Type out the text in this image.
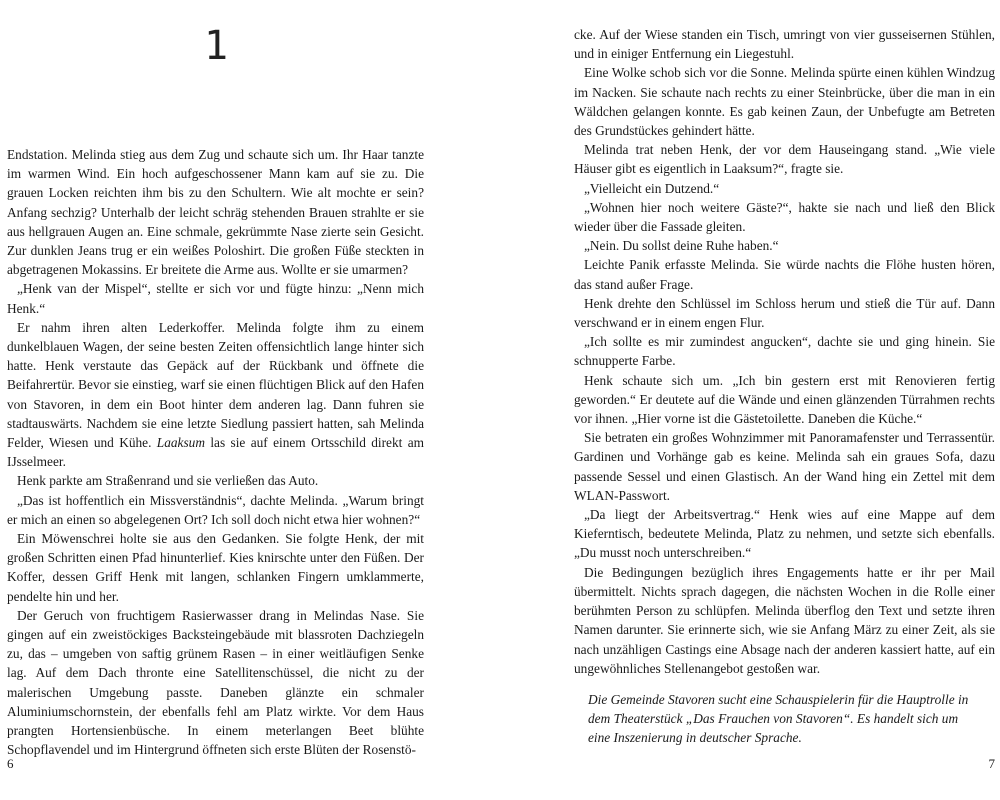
1

Endstation. Melinda stieg aus dem Zug und schaute sich um. Ihr Haar tanzte im warmen Wind. Ein hoch aufgeschossener Mann kam auf sie zu. Die grauen Locken reichten ihm bis zu den Schultern. Wie alt mochte er sein? Anfang sechzig? Unterhalb der leicht schräg stehenden Brauen strahlte er sie aus hellgrauen Augen an. Eine schmale, gekrümmte Nase zierte sein Gesicht. Zur dunklen Jeans trug er ein weißes Poloshirt. Die großen Füße steckten in abgetragenen Mokassins. Er breitete die Arme aus. Wollte er sie umarmen?

„Henk van der Mispel“, stellte er sich vor und fügte hinzu: „Nenn mich Henk.“

Er nahm ihren alten Lederkoffer. Melinda folgte ihm zu einem dunkelblauen Wagen, der seine besten Zeiten offensichtlich lange hinter sich hatte. Henk verstaute das Gepäck auf der Rückbank und öffnete die Beifahrertür. Bevor sie einstieg, warf sie einen flüchtigen Blick auf den Hafen von Stavoren, in dem ein Boot hinter dem anderen lag. Dann fuhren sie stadtauswärts. Nachdem sie eine letzte Siedlung passiert hatten, sah Melinda Felder, Wiesen und Kühe. Laaksum las sie auf einem Ortsschild direkt am IJsselmeer.

Henk parkte am Straßenrand und sie verließen das Auto.

„Das ist hoffentlich ein Missverständnis“, dachte Melinda. „Warum bringt er mich an einen so abgelegenen Ort? Ich soll doch nicht etwa hier wohnen?“

Ein Möwenschrei holte sie aus den Gedanken. Sie folgte Henk, der mit großen Schritten einen Pfad hinunterlief. Kies knirschte unter den Füßen. Der Koffer, dessen Griff Henk mit langen, schlanken Fingern umklammerte, pendelte hin und her.

Der Geruch von fruchtigem Rasierwasser drang in Melindas Nase. Sie gingen auf ein zweistöckiges Backsteingebäude mit blassroten Dachziegeln zu, das – umgeben von saftig grünem Rasen – in einer weitläufigen Senke lag. Auf dem Dach thronte eine Satellitenschüssel, die nicht zu der malerischen Umgebung passte. Daneben glänzte ein schmaler Aluminiumschornstein, der ebenfalls fehl am Platz wirkte. Vor dem Haus prangten Hortensienbüsche. In einem meterlangen Beet blühte Schopflavendel und im Hintergrund öffneten sich erste Blüten der Rosenstö-

6

cke. Auf der Wiese standen ein Tisch, umringt von vier gusseisernen Stühlen, und in einiger Entfernung ein Liegestuhl.

Eine Wolke schob sich vor die Sonne. Melinda spürte einen kühlen Windzug im Nacken. Sie schaute nach rechts zu einer Steinbrücke, über die man in ein Wäldchen gelangen konnte. Es gab keinen Zaun, der Unbefugte am Betreten des Grundstückes gehindert hätte.

Melinda trat neben Henk, der vor dem Hauseingang stand. „Wie viele Häuser gibt es eigentlich in Laaksum?“, fragte sie.

„Vielleicht ein Dutzend.“

„Wohnen hier noch weitere Gäste?“, hakte sie nach und ließ den Blick wieder über die Fassade gleiten.

„Nein. Du sollst deine Ruhe haben.“

Leichte Panik erfasste Melinda. Sie würde nachts die Flöhe husten hören, das stand außer Frage.

Henk drehte den Schlüssel im Schloss herum und stieß die Tür auf. Dann verschwand er in einem engen Flur.

„Ich sollte es mir zumindest angucken“, dachte sie und ging hinein. Sie schnupperte Farbe.

Henk schaute sich um. „Ich bin gestern erst mit Renovieren fertig geworden.“ Er deutete auf die Wände und einen glänzenden Türrahmen rechts vor ihnen. „Hier vorne ist die Gästetoilette. Daneben die Küche.“

Sie betraten ein großes Wohnzimmer mit Panoramafenster und Terrassentür. Gardinen und Vorhänge gab es keine. Melinda sah ein graues Sofa, dazu passende Sessel und einen Glastisch. An der Wand hing ein Zettel mit dem WLAN-Passwort.

„Da liegt der Arbeitsvertrag.“ Henk wies auf eine Mappe auf dem Kieferntisch, bedeutete Melinda, Platz zu nehmen, und setzte sich ebenfalls. „Du musst noch unterschreiben.“

Die Bedingungen bezüglich ihres Engagements hatte er ihr per Mail übermittelt. Nichts sprach dagegen, die nächsten Wochen in die Rolle einer berühmten Person zu schlüpfen. Melinda überflog den Text und setzte ihren Namen darunter. Sie erinnerte sich, wie sie Anfang März zu einer Zeit, als sie nach unzähligen Castings eine Absage nach der anderen kassiert hatte, auf ein ungewöhnliches Stellenangebot gestoßen war.

Die Gemeinde Stavoren sucht eine Schauspielerin für die Hauptrolle in dem Theaterstück „Das Frauchen von Stavoren“. Es handelt sich um eine Inszenierung in deutscher Sprache.

7
